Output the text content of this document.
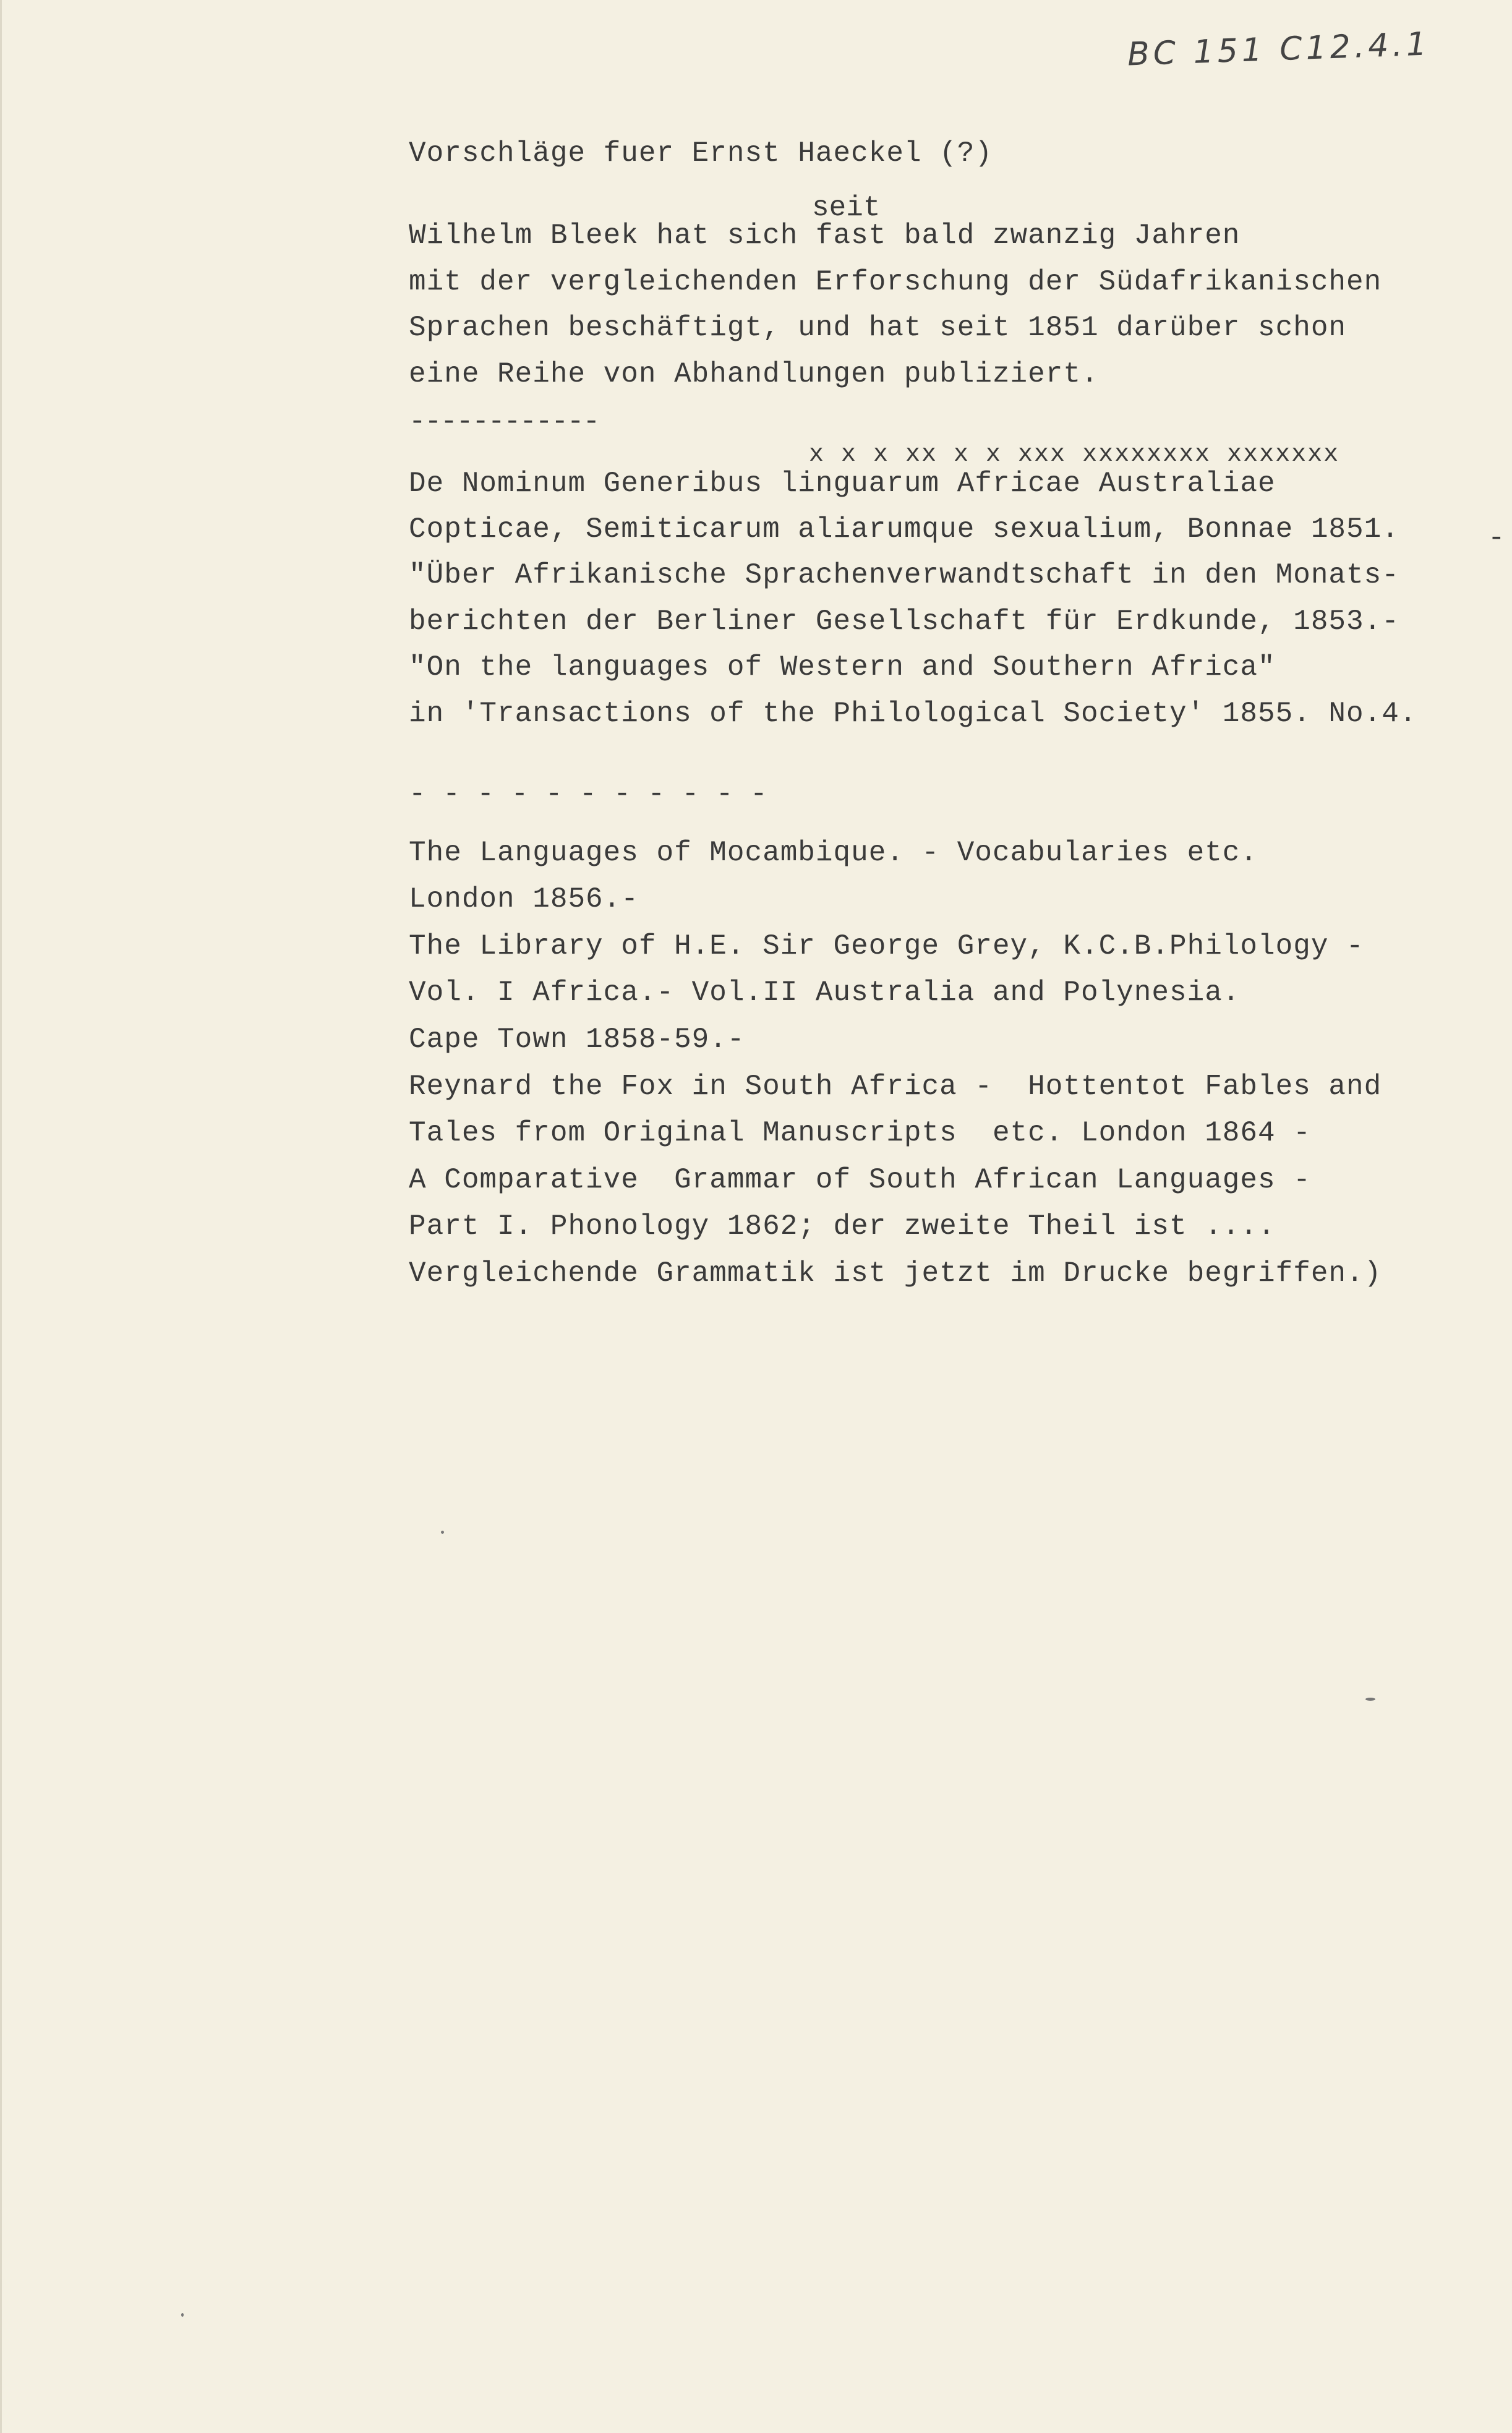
BC 151 C12.4.1
Vorschläge fuer Ernst Haeckel (?)
seit
Wilhelm Bleek hat sich fast bald zwanzig Jahren
mit der vergleichenden Erforschung der Südafrikanischen
Sprachen beschäftigt, und hat seit 1851 darüber schon
eine Reihe von Abhandlungen publiziert.
------------
x x x xx x x xxx xxxxxxxx xxxxxxx
De Nominum Generibus linguarum Africae Australiae
Copticae, Semiticarum aliarumque sexualium, Bonnae 1851.
"Über Afrikanische Sprachenverwandtschaft in den Monats-
berichten der Berliner Gesellschaft für Erdkunde, 1853.-
"On the languages of Western and Southern Africa"
in 'Transactions of the Philological Society' 1855. No.4.
-
- - - - - - - - - - -
The Languages of Mocambique. - Vocabularies etc.
London 1856.-
The Library of H.E. Sir George Grey, K.C.B.Philology -
Vol. I Africa.- Vol.II Australia and Polynesia.
Cape Town 1858-59.-
Reynard the Fox in South Africa -  Hottentot Fables and
Tales from Original Manuscripts  etc. London 1864 -
A Comparative  Grammar of South African Languages -
Part I. Phonology 1862; der zweite Theil ist ....
Vergleichende Grammatik ist jetzt im Drucke begriffen.)
